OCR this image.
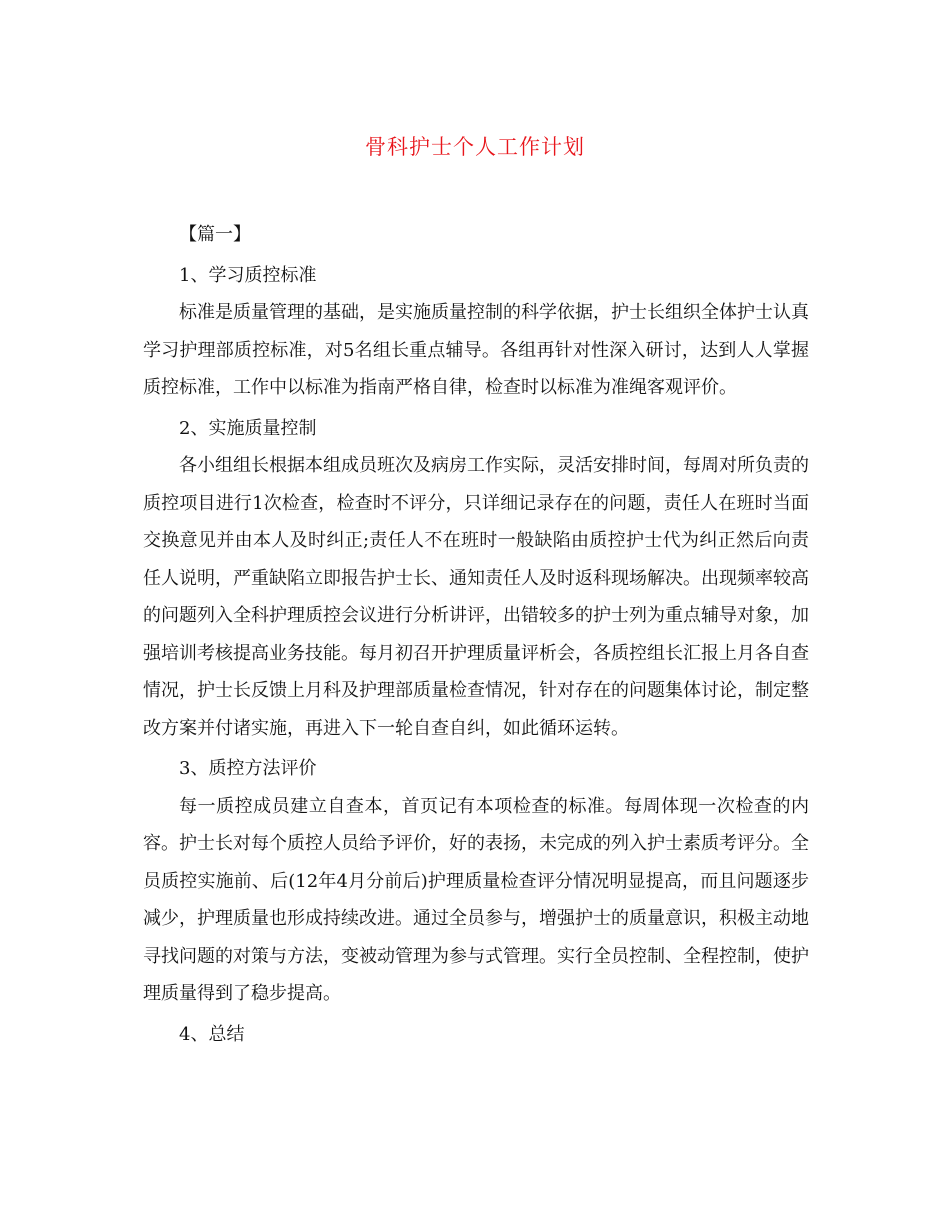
骨科护士个人工作计划

【篇一】

1、学习质控标准

标准是质量管理的基础，是实施质量控制的科学依据，护士长组织全体护士认真学习护理部质控标准，对5名组长重点辅导。各组再针对性深入研讨，达到人人掌握质控标准，工作中以标准为指南严格自律，检查时以标准为准绳客观评价。

2、实施质量控制

各小组组长根据本组成员班次及病房工作实际，灵活安排时间，每周对所负责的质控项目进行1次检查，检查时不评分，只详细记录存在的问题，责任人在班时当面交换意见并由本人及时纠正;责任人不在班时一般缺陷由质控护士代为纠正然后向责任人说明，严重缺陷立即报告护士长、通知责任人及时返科现场解决。出现频率较高的问题列入全科护理质控会议进行分析讲评，出错较多的护士列为重点辅导对象，加强培训考核提高业务技能。每月初召开护理质量评析会，各质控组长汇报上月各自查情况，护士长反馈上月科及护理部质量检查情况，针对存在的问题集体讨论，制定整改方案并付诸实施，再进入下一轮自查自纠，如此循环运转。

3、质控方法评价

每一质控成员建立自查本，首页记有本项检查的标准。每周体现一次检查的内容。护士长对每个质控人员给予评价，好的表扬，未完成的列入护士素质考评分。全员质控实施前、后(12年4月分前后)护理质量检查评分情况明显提高，而且问题逐步减少，护理质量也形成持续改进。通过全员参与，增强护士的质量意识，积极主动地寻找问题的对策与方法，变被动管理为参与式管理。实行全员控制、全程控制，使护理质量得到了稳步提高。

4、总结
